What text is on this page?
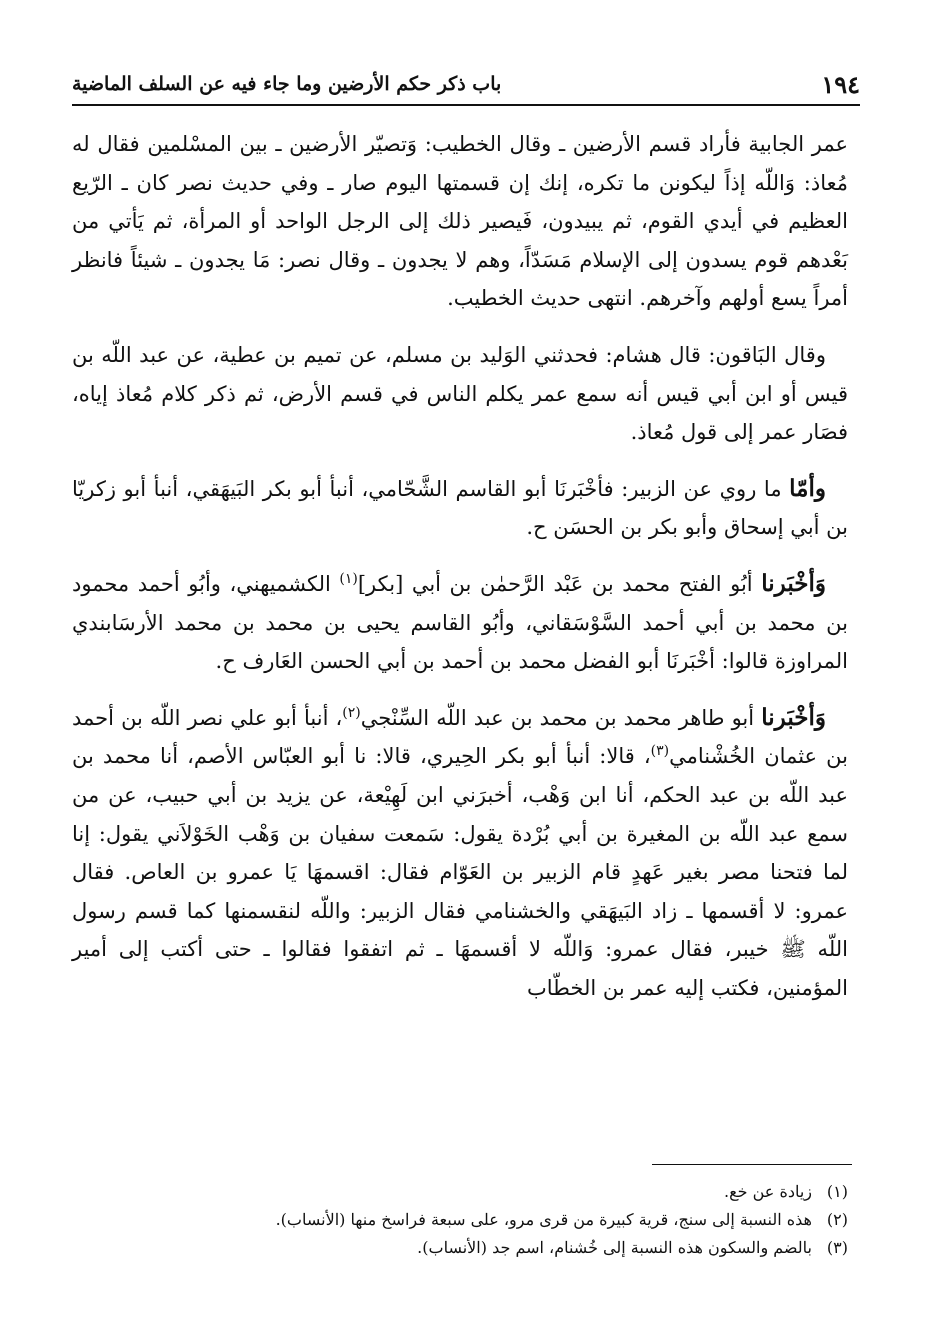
١٩٤
باب ذكر حكم الأرضين وما جاء فيه عن السلف الماضية

عمر الجابية فأراد قسم الأرضين ـ وقال الخطيب: وَتصيّر الأرضين ـ بين المسْلمين فقال له مُعاذ: وَاللّه إذاً ليكونن ما تكره، إنك إن قسمتها اليوم صار ـ وفي حديث نصر كان ـ الرّيع العظيم في أيدي القوم، ثم يبيدون، فَيصير ذلك إلى الرجل الواحد أو المرأة، ثم يَأتي من بَعْدهم قوم يسدون إلى الإسلام مَسَدّاً، وهم لا يجدون ـ وقال نصر: مَا يجدون ـ شيئاً فانظر أمراً يسع أولهم وآخرهم. انتهى حديث الخطيب.

وقال البَاقون: قال هشام: فحدثني الوَليد بن مسلم، عن تميم بن عطية، عن عبد اللّه بن قيس أو ابن أبي قيس أنه سمع عمر يكلم الناس في قسم الأرض، ثم ذكر كلام مُعاذ إياه، فصَار عمر إلى قول مُعاذ.

وأمّا ما روي عن الزبير: فأخْبَرنَا أبو القاسم الشَّحّامي، أنبأ أبو بكر البَيهَقي، أنبأ أبو زكريّا بن أبي إسحاق وأبو بكر بن الحسَن ح.

وَأخْبَرنا أبُو الفتح محمد بن عَبْد الرَّحمٰن بن أبي [بكر]$^{(١)}$ الكشميهني، وأبُو أحمد محمود بن محمد بن أبي أحمد السَّوْسَقاني، وأبُو القاسم يحيى بن محمد بن محمد الأرسَابندي المراوزة قالوا: أخْبَرنَا أبو الفضل محمد بن أحمد بن أبي الحسن العَارف ح.

وَأخْبَرنا أبو طاهر محمد بن محمد بن عبد اللّه السِّنْجي$^{(٢)}$، أنبأ أبو علي نصر اللّه بن أحمد بن عثمان الخُشْنامي$^{(٣)}$، قالا: أنبأ أبو بكر الحِيري، قالا: نا أبو العبّاس الأصم، أنا محمد بن عبد اللّه بن عبد الحكم، أنا ابن وَهْب، أخبرَني ابن لَهِيْعة، عن يزيد بن أبي حبيب، عن من سمع عبد اللّه بن المغيرة بن أبي بُرْدة يقول: سَمعت سفيان بن وَهْب الخَوْلاَني يقول: إنا لما فتحنا مصر بغير عَهدٍ قام الزبير بن العَوّام فقال: اقسمهَا يَا عمرو بن العاص. فقال عمرو: لا أقسمها ـ زاد البَيهَقي والخشنامي فقال الزبير: واللّه لنقسمنها كما قسم رسول اللّه ﷺ خيبر، فقال عمرو: وَاللّه لا أقسمهَا ـ ثم اتفقوا فقالوا ـ حتى أكتب إلى أمير المؤمنين، فكتب إليه عمر بن الخطّاب

(١)
زيادة عن خ‍ع.
(٢)
هذه النسبة إلى سنج، قرية كبيرة من قرى مرو، على سبعة فراسخ منها (الأنساب).
(٣)
بالضم والسكون هذه النسبة إلى خُشنام، اسم جد (الأنساب).
